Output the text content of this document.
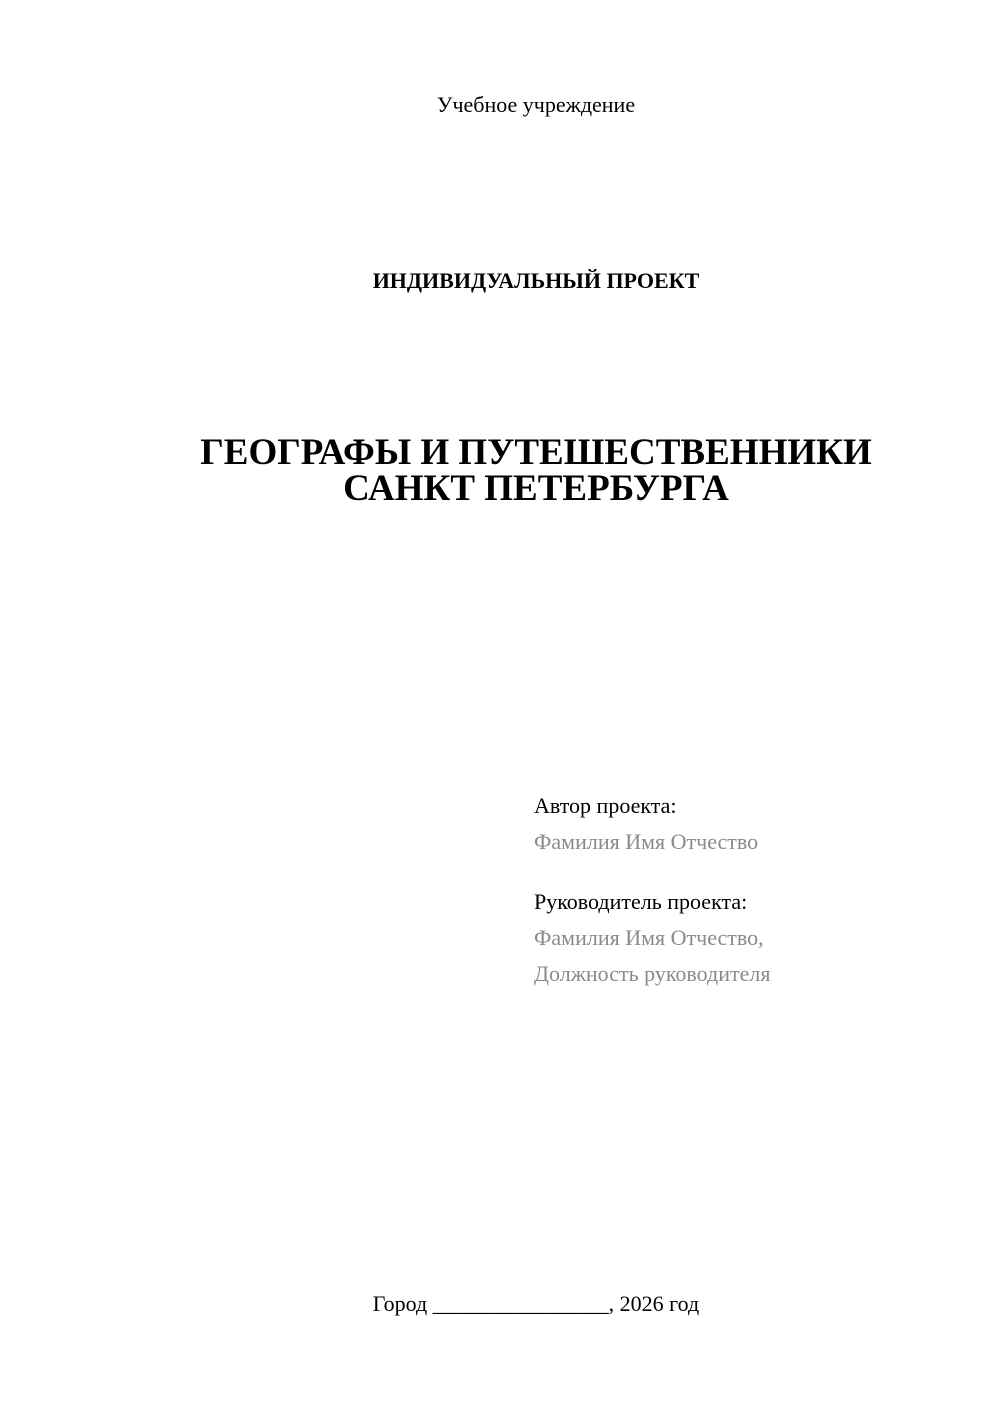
Учебное учреждение
ИНДИВИДУАЛЬНЫЙ ПРОЕКТ
ГЕОГРАФЫ И ПУТЕШЕСТВЕННИКИ
САНКТ ПЕТЕРБУРГА
Автор проекта:
Фамилия Имя Отчество
Руководитель проекта:
Фамилия Имя Отчество,
Должность руководителя
Город ________________, 2026 год
